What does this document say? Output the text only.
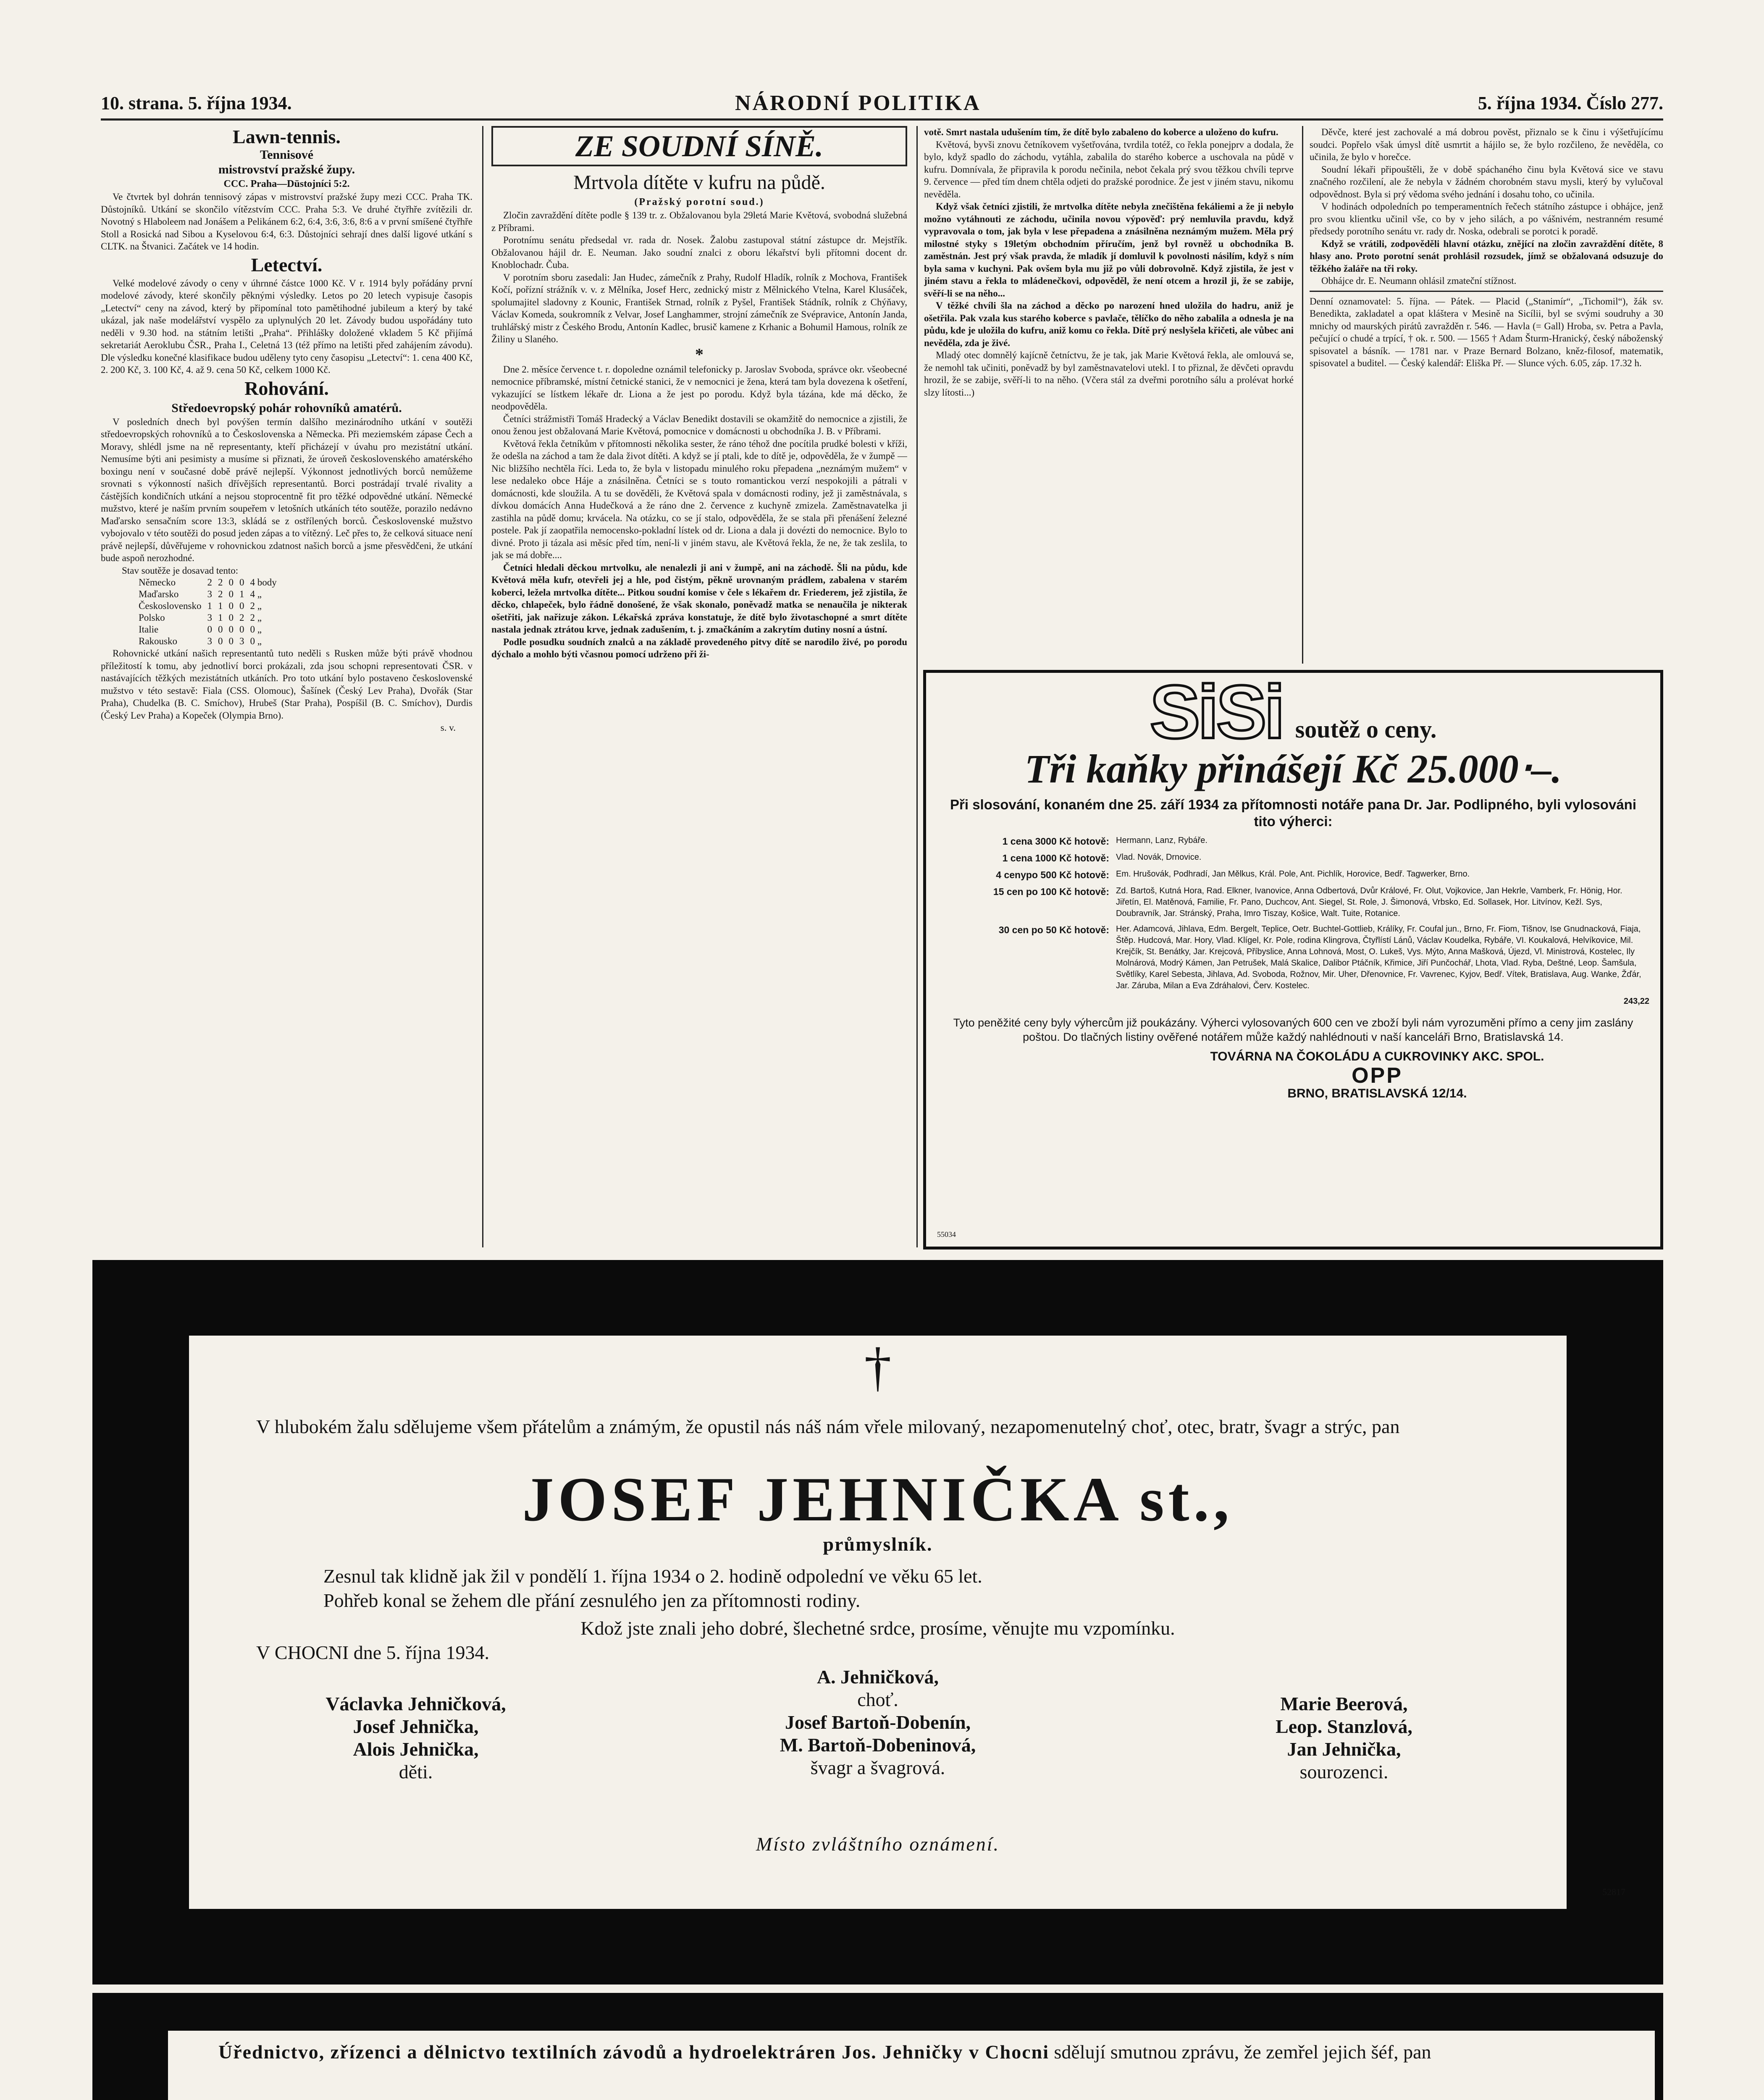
10. strana. 5. října 1934.	NÁRODNÍ POLITIKA	5. října 1934. Číslo 277.
Lawn-tennis.
Tennisové
mistrovství pražské župy.
CCC. Praha—Dūstojníci 5:2.

Ve čtvrtek byl dohrán tennisový zápas v mistrovství pražské župy mezi CCC. Praha TK. Důstojníků. Utkání se skončilo vítězstvím CCC. Praha 5:3. Ve druhé čtyřhře zvítězili dr. Novotný s Hlaboleem nad Jonášem a Pelikánem 6:2, 6:4, 3:6, 3:6, 8:6 a v první smíšené čtyřhře Stoll a Rosická nad Sibou a Kyselovou 6:4, 6:3. Důstojníci sehrají dnes další ligové utkání s CLTK. na Štvanici. Začátek ve 14 hodin.

Letectví.

Velké modelové závody o ceny v úhrnné částce 1000 Kč. V r. 1914 byly pořádány první modelové závody, které skončily pěknými výsledky. Letos po 20 letech vypisuje časopis „Letectví“ ceny na závod, který by připomínal toto pamětihodné jubileum a který by také ukázal, jak naše modelářství vyspělo za uplynulých 20 let. Závody budou uspořádány tuto neděli v 9.30 hod. na státním letišti „Praha“. Přihlášky doložené vkladem 5 Kč přijímá sekretariát Aeroklubu ČSR., Praha I., Celetná 13 (též přímo na letišti před zahájením závodu). Dle výsledku konečné klasifikace budou uděleny tyto ceny časopisu „Letectví“: 1. cena 400 Kč, 2. 200 Kč, 3. 100 Kč, 4. až 9. cena 50 Kč, celkem 1000 Kč.

Rohování.
Středoevropský pohár rohovníků amatérů.

V posledních dnech byl povýšen termín dalšího mezinárodního utkání v soutěži středoevropských rohovníků a to Československa a Německa. Při meziemském zápase Čech a Moravy, shlédl jsme na ně representanty, kteří přicházejí v úvahu pro mezistátní utkání. Nemusíme býti ani pesimisty a musíme si přiznati, že úroveň československého amatérského boxingu není v současné době právě nejlepší. Výkonnost jednotlivých borců nemůžeme srovnati s výkonností našich dřívějších representantů. Borci postrádají trvalé rivality a částějších kondičních utkání a nejsou stoprocentně fit pro těžké odpovědné utkání. Německé mužstvo, které je naším prvním soupeřem v letošních utkáních této soutěže, porazilo nedávno Maďarsko sensačním score 13:3, skládá se z ostřílených borců. Československé mužstvo vybojovalo v této soutěži do posud jeden zápas a to vítězný. Leč přes to, že celková situace není právě nejlepší, důvěřujeme v rohovnickou zdatnost našich borců a jsme přesvědčeni, že utkání bude aspoň nerozhodné.

Stav soutěže je dosavad tento:

Německo	2	2	0	0	4 body
Maďarsko	3	2	0	1	4 „
Československo	1	1	0	0	2 „
Polsko	3	1	0	2	2 „
Italie	0	0	0	0	0 „
Rakousko	3	0	0	3	0 „

Rohovnické utkání našich representantů tuto neděli s Rusken může býti právě vhodnou příležitostí k tomu, aby jednotliví borci prokázali, zda jsou schopni representovati ČSR. v nastávajících těžkých mezistátních utkáních. Pro toto utkání bylo postaveno československé mužstvo v této sestavě: Fiala (CSS. Olomouc), Šašínek (Český Lev Praha), Dvořák (Star Praha), Chudelka (B. C. Smíchov), Hrubeš (Star Praha), Pospíšil (B. C. Smíchov), Durdis (Český Lev Praha) a Kopeček (Olympia Brno).

s. v.
ZE SOUDNÍ SÍNĚ.
Mrtvola dítěte v kufru na půdě.
(Pražský porotní soud.)

Zločin zavraždění dítěte podle § 139 tr. z. Obžalovanou byla 29letá Marie Květová, svobodná služebná z Příbrami.

Porotnímu senátu předsedal vr. rada dr. Nosek. Žalobu zastupoval státní zástupce dr. Mejstřík. Obžalovanou hájil dr. E. Neuman. Jako soudní znalci z oboru lékařství byli přítomni docent dr. Knoblochadr. Čuba.

V porotním sboru zasedali: Jan Hudec, zámečník z Prahy, Rudolf Hladík, rolník z Mochova, František Kočí, pořízní strážník v. v. z Mělníka, Josef Herc, zednický mistr z Mělnického Vtelna, Karel Klusáček, spolumajitel sladovny z Kounic, František Strnad, rolník z Pyšel, František Stádník, rolník z Chýňavy, Václav Komeda, soukromník z Velvar, Josef Langhammer, strojní zámečník ze Svépravice, Antonín Janda, truhlářský mistr z Českého Brodu, Antonín Kadlec, brusič kamene z Krhanic a Bohumil Hamous, rolník ze Žiliny u Slaného.

*

Dne 2. měsíce července t. r. dopoledne oznámil telefonicky p. Jaroslav Svoboda, správce okr. všeobecné nemocnice příbramské, místní četnické stanici, že v nemocnici je žena, která tam byla dovezena k ošetření, vykazující se lístkem lékaře dr. Liona a že jest po porodu. Když byla tázána, kde má děcko, že neodpověděla.

Četníci strážmistři Tomáš Hradecký a Václav Benedikt dostavili se okamžitě do nemocnice a zjistili, že onou ženou jest obžalovaná Marie Květová, pomocnice v domácnosti u obchodníka J. B. v Příbrami.

Květová řekla četníkům v přítomnosti několika sester, že ráno téhož dne pocítila prudké bolesti v kříži, že odešla na záchod a tam že dala život dítěti. A když se jí ptali, kde to dítě je, odpověděla, že v žumpě — Nic bližšího nechtěla říci. Leda to, že byla v listopadu minulého roku přepadena „neznámým mužem“ v lese nedaleko obce Háje a znásilněna. Četníci se s touto romantickou verzí nespokojili a pátrali v domácnosti, kde sloužila. A tu se dověděli, že Květová spala v domácnosti rodiny, jež ji zaměstnávala, s dívkou domácích Anna Hudečková a že ráno dne 2. července z kuchyně zmizela. Zaměstnavatelka ji zastihla na půdě domu; krvácela. Na otázku, co se jí stalo, odpověděla, že se stala při přenášení železné postele. Pak jí zaopatřila nemocensko-pokladní lístek od dr. Liona a dala ji dovézti do nemocnice. Bylo to divné. Proto ji tázala asi měsíc před tím, není-li v jiném stavu, ale Květová řekla, že ne, že tak zeslila, to jak se má dobře....

Četníci hledali děckou mrtvolku, ale nenalezli ji ani v žumpě, ani na záchodě. Šli na půdu, kde Květová měla kufr, otevřeli jej a hle, pod čistým, pěkně urovnaným prádlem, zabalena v starém koberci, ležela mrtvolka dítěte... Pitkou soudní komise v čele s lékařem dr. Friederem, jež zjistila, že děcko, chlapeček, bylo řádně donošené, že však skonalo, poněvadž matka se nenaučila je nikterak ošetřiti, jak nařizuje zákon. Lékařská zpráva konstatuje, že dítě bylo životaschopné a smrt dítěte nastala jednak ztrátou krve, jednak zadušením, t. j. zmačkáním a zakrytím dutiny nosní a ústní.

Podle posudku soudních znalců a na základě provedeného pitvy dítě se narodilo živé, po porodu dýchalo a mohlo býti včasnou pomocí udrženo při ži-

votě. Smrt nastala udušením tím, že dítě bylo zabaleno do koberce a uloženo do kufru.

Květová, byvši znovu četníkovem vyšetřována, tvrdila totéž, co řekla ponejprv a dodala, že bylo, když spadlo do záchodu, vytáhla, zabalila do starého koberce a uschovala na půdě v kufru. Domnívala, že připravila k porodu nečinila, nebot čekala prý svou těžkou chvíli teprve 9. července — před tím dnem chtěla odjeti do pražské porodnice. Že jest v jiném stavu, nikomu nevěděla.

Když však četníci zjistili, že mrtvolka dítěte nebyla znečištěna fekáliemi a že ji nebylo možno vytáhnouti ze záchodu, učinila novou výpověď: prý nemluvila pravdu, když vypravovala o tom, jak byla v lese přepadena a znásilněna neznámým mužem. Měla prý milostné styky s 19letým obchodním příručím, jenž byl rovněž u obchodníka B. zaměstnán. Jest prý však pravda, že mladík jí domluvil k povolnosti násilím, když s ním byla sama v kuchyni. Pak ovšem byla mu již po vůli dobrovolně. Když zjistila, že jest v jiném stavu a řekla to mládenečkovi, odpověděl, že není otcem a hrozil ji, že se zabije, svěří-li se na něho...

V těžké chvíli šla na záchod a děcko po narození hned uložila do hadru, aniž je ošetřila. Pak vzala kus starého koberce s pavlače, tělíčko do něho zabalila a odnesla je na půdu, kde je uložila do kufru, aniž komu co řekla. Dítě prý neslyšela křičeti, ale vůbec ani nevěděla, zda je živé.

Mladý otec domnělý kajícně četníctvu, že je tak, jak Marie Květová řekla, ale omlouvá se, že nemohl tak učiniti, poněvadž by byl zaměstnavatelovi utekl. I to přiznal, že děvčeti opravdu hrozil, že se zabije, svěří-li to na něho. (Včera stál za dveřmi porotního sálu a prolévat horké slzy lítosti...)

Děvče, které jest zachovalé a má dobrou pověst, přiznalo se k činu i výšetřujícímu soudci. Popřelo však úmysl dítě usmrtit a hájilo se, že bylo rozčileno, že nevěděla, co učinila, že bylo v horečce.

Soudní lékaři připouštěli, že v době spáchaného činu byla Květová sice ve stavu značného rozčilení, ale že nebyla v žádném chorobném stavu mysli, který by vylučoval odpovědnost. Byla si prý vědoma svého jednání i dosahu toho, co učinila.

V hodinách odpoledních po temperamentních řečech státního zástupce i obhájce, jenž pro svou klientku učinil vše, co by v jeho silách, a po vášnivém, nestranném resumé předsedy porotního senátu vr. rady dr. Noska, odebrali se porotci k poradě.

Když se vrátili, zodpověděli hlavní otázku, znějící na zločin zavraždění dítěte, 8 hlasy ano. Proto porotní senát prohlásil rozsudek, jímž se obžalovaná odsuzuje do těžkého žaláře na tři roky.

Obhájce dr. E. Neumann ohlásil zmateční stížnost.

Denní oznamovatel: 5. října. — Pátek. — Placid („Stanimír“, „Tichomil“), žák sv. Benedikta, zakladatel a opat kláštera v Mesině na Sicílii, byl se svými soudruhy a 30 mnichy od maurských pirátů zavražděn r. 546. — Havla (= Gall) Hroba, sv. Petra a Pavla, pečující o chudé a trpící, † ok. r. 500. — 1565 † Adam Šturm-Hranický, český náboženský spisovatel a básník. — 1781 nar. v Praze Bernard Bolzano, kněz-filosof, matematik, spisovatel a buditel. — Český kalendář: Eliška Př. — Slunce vých. 6.05, záp. 17.32 h.

SiSi soutěž o ceny.
Tři kaňky přinášejí Kč 25.000‧–.
Při slosování, konaném dne 25. září 1934 za přítomnosti notáře pana Dr. Jar. Podlipného, byli vylosováni tito výherci:
1 cena 3000 Kč hotově: Hermann, Lanz, Rybáře.
1 cena 1000 Kč hotově: Vlad. Novák, Drnovice.
4 cenypo 500 Kč hotově: Em. Hrušovák, Podhradí, Jan Mělkus, Král. Pole, Ant. Pichlík, Horovice, Bedř. Tagwerker, Brno.
15 cen po 100 Kč hotově: Zd. Bartoš, Kutná Hora, Rad. Elkner, Ivanovice, Anna Odbertová, Dvůr Králové, Fr. Olut, Vojkovice, Jan Hekrle, Vamberk, Fr. Hönig, Hor. Jiřetín, El. Matěnová, Familie, Fr. Pano, Duchcov, Ant. Siegel, St. Role, J. Šimonová, Vrbsko, Ed. Sollasek, Hor. Litvínov, Kežl. Sys, Doubravník, Jar. Stránský, Praha, Imro Tiszay, Košice, Walt. Tuite, Rotanice.
30 cen po 50 Kč hotově: Her. Adamcová, Jihlava, Edm. Bergelt, Teplice, Oetr. Buchtel-Gottlieb, Králíky, Fr. Coufal jun., Brno, Fr. Fiom, Tišnov, Ise Gnudnacková, Fiaja, Štěp. Hudcová, Mar. Hory, Vlad. Klígel, Kr. Pole, rodina Klingrova, Čtyřlístí Lánů, Václav Koudelka, Rybáře, VI. Koukalová, Helvíkovice, Mil. Krejčík, St. Benátky, Jar. Krejcová, Příbyslice, Anna Lohnová, Most, O. Lukeš, Vys. Mýto, Anna Mašková, Újezd, Vl. Ministrová, Kostelec, Ily Molnárová, Modrý Kámen, Jan Petrušek, Malá Skalice, Dalibor Ptáčník, Křimice, Jiří Punčochář, Lhota, Vlad. Ryba, Deštné, Leop. Šamšula, Světlíky, Karel Sebesta, Jihlava, Ad. Svoboda, Rožnov, Mir. Uher, Dřenovnice, Fr. Vavrenec, Kyjov, Bedř. Vítek, Bratislava, Aug. Wanke, Žďár, Jar. Záruba, Milan a Eva Zdráhalovi, Červ. Kostelec.
243,22
Tyto peněžité ceny byly výhercům již poukázány. Výherci vylosovaných 600 cen ve zboží byli nám vyrozuměni přímo a ceny jim zaslány poštou. Do tlačných listiny ověřené notářem může každý nahlédnouti v naší kanceláři Brno, Bratislavská 14.
TOVÁRNA NA ČOKOLÁDU A CUKROVINKY AKC. SPOL.
OPP
BRNO, BRATISLAVSKÁ 12/14.
55034
†
V hlubokém žalu sdělujeme všem přátelům a známým, že opustil nás náš nám vřele milovaný, nezapomenutelný choť, otec, bratr, švagr a strýc, pan
JOSEF JEHNIČKA st.,
průmyslník.
Zesnul tak klidně jak žil v pondělí 1. října 1934 o 2. hodině odpolední ve věku 65 let.
Pohřeb konal se žehem dle přání zesnulého jen za přítomnosti rodiny.
Kdož jste znali jeho dobré, šlechetné srdce, prosíme, věnujte mu vzpomínku.
V CHOCNI dne 5. října 1934.
Václavka Jehničková,
Josef Jehnička,
Alois Jehnička,
děti.
A. Jehničková,
choť.
Josef Bartoň-Dobenín,
M. Bartoň-Dobeninová,
švagr a švagrová.
Marie Beerová,
Leop. Stanzlová,
Jan Jehnička,
sourozenci.
Místo zvláštního oznámení.
52817
Úřednictvo, zřízenci a dělnictvo textilních závodů a hydroelektráren Jos. Jehničky v Chocni sdělují smutnou zprávu, že zemřel jejich šéf, pan
